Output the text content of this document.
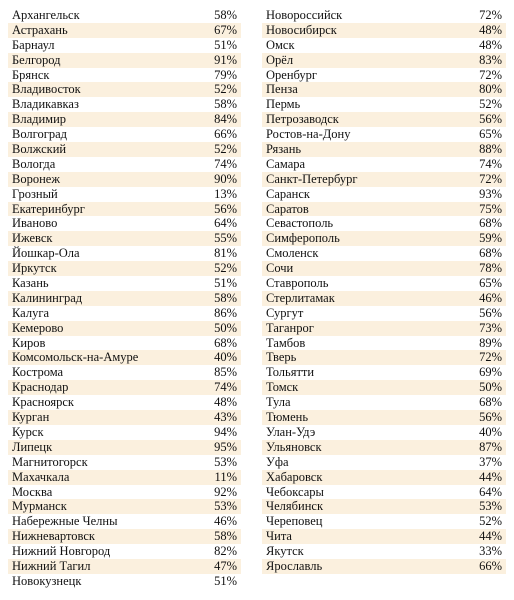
Архангельск	58%
Астрахань	67%
Барнаул	51%
Белгород	91%
Брянск	79%
Владивосток	52%
Владикавказ	58%
Владимир	84%
Волгоград	66%
Волжский	52%
Вологда	74%
Воронеж	90%
Грозный	13%
Екатеринбург	56%
Иваново	64%
Ижевск	55%
Йошкар-Ола	81%
Иркутск	52%
Казань	51%
Калининград	58%
Калуга	86%
Кемерово	50%
Киров	68%
Комсомольск-на-Амуре	40%
Кострома	85%
Краснодар	74%
Красноярск	48%
Курган	43%
Курск	94%
Липецк	95%
Магнитогорск	53%
Махачкала	11%
Москва	92%
Мурманск	53%
Набережные Челны	46%
Нижневартовск	58%
Нижний Новгород	82%
Нижний Тагил	47%
Новокузнецк	51%
Новороссийск	72%
Новосибирск	48%
Омск	48%
Орёл	83%
Оренбург	72%
Пенза	80%
Пермь	52%
Петрозаводск	56%
Ростов-на-Дону	65%
Рязань	88%
Самара	74%
Санкт-Петербург	72%
Саранск	93%
Саратов	75%
Севастополь	68%
Симферополь	59%
Смоленск	68%
Сочи	78%
Ставрополь	65%
Стерлитамак	46%
Сургут	56%
Таганрог	73%
Тамбов	89%
Тверь	72%
Тольятти	69%
Томск	50%
Тула	68%
Тюмень	56%
Улан-Удэ	40%
Ульяновск	87%
Уфа	37%
Хабаровск	44%
Чебоксары	64%
Челябинск	53%
Череповец	52%
Чита	44%
Якутск	33%
Ярославль	66%
